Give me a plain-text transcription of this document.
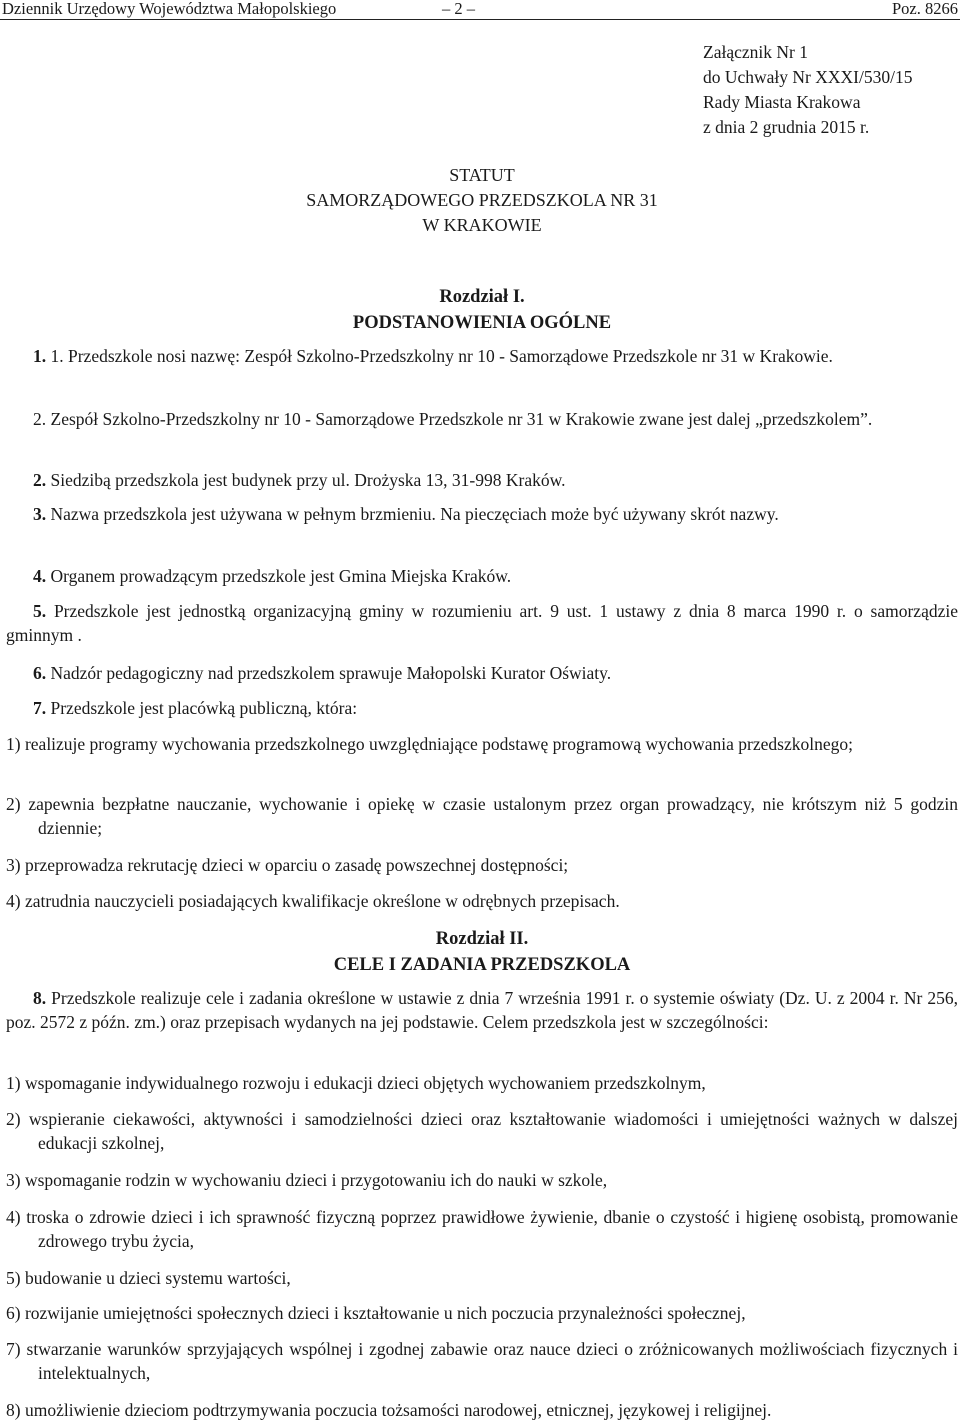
Dziennik Urzędowy Województwa Małopolskiego	– 2 –	Poz. 8266
Załącznik Nr 1
do Uchwały Nr XXXI/530/15
Rady Miasta Krakowa
z dnia 2 grudnia 2015 r.
STATUT
SAMORZĄDOWEGO PRZEDSZKOLA NR 31
W KRAKOWIE
Rozdział I.
PODSTANOWIENIA OGÓLNE
1. 1. Przedszkole nosi nazwę: Zespół Szkolno-Przedszkolny nr 10 - Samorządowe Przedszkole nr 31 w Krakowie.
2. Zespół Szkolno-Przedszkolny nr 10 - Samorządowe Przedszkole nr 31 w Krakowie zwane jest dalej „przedszkolem”.
2. Siedzibą przedszkola jest budynek przy ul. Drożyska 13, 31-998 Kraków.
3. Nazwa przedszkola jest używana w pełnym brzmieniu. Na pieczęciach może być używany skrót nazwy.
4. Organem prowadzącym przedszkole jest Gmina Miejska Kraków.
5. Przedszkole jest jednostką organizacyjną gminy w rozumieniu art. 9 ust. 1 ustawy z dnia 8 marca 1990 r. o samorządzie gminnym .
6. Nadzór pedagogiczny nad przedszkolem sprawuje Małopolski Kurator Oświaty.
7. Przedszkole jest placówką publiczną, która:
1) realizuje programy wychowania przedszkolnego uwzględniające podstawę programową wychowania przedszkolnego;
2) zapewnia bezpłatne nauczanie, wychowanie i opiekę w czasie ustalonym przez organ prowadzący, nie krótszym niż 5 godzin dziennie;
3) przeprowadza rekrutację dzieci w oparciu o zasadę powszechnej dostępności;
4) zatrudnia nauczycieli posiadających kwalifikacje określone w odrębnych przepisach.
Rozdział II.
CELE I ZADANIA PRZEDSZKOLA
8. Przedszkole realizuje cele i zadania określone w ustawie z dnia 7 września 1991 r. o systemie oświaty (Dz. U. z 2004 r. Nr 256, poz. 2572 z późn. zm.) oraz przepisach wydanych na jej podstawie. Celem przedszkola jest w szczególności:
1) wspomaganie indywidualnego rozwoju i edukacji dzieci objętych wychowaniem przedszkolnym,
2) wspieranie ciekawości, aktywności i samodzielności dzieci oraz kształtowanie wiadomości i umiejętności ważnych w dalszej edukacji szkolnej,
3) wspomaganie rodzin w wychowaniu dzieci i przygotowaniu ich do nauki w szkole,
4) troska o zdrowie dzieci i ich sprawność fizyczną poprzez prawidłowe żywienie, dbanie o czystość i higienę osobistą, promowanie zdrowego trybu życia,
5) budowanie u dzieci systemu wartości,
6) rozwijanie umiejętności społecznych dzieci i kształtowanie u nich poczucia przynależności społecznej,
7) stwarzanie warunków sprzyjających wspólnej i zgodnej zabawie oraz nauce dzieci o zróżnicowanych możliwościach fizycznych i intelektualnych,
8) umożliwienie dzieciom podtrzymywania poczucia tożsamości narodowej, etnicznej, językowej i religijnej.
